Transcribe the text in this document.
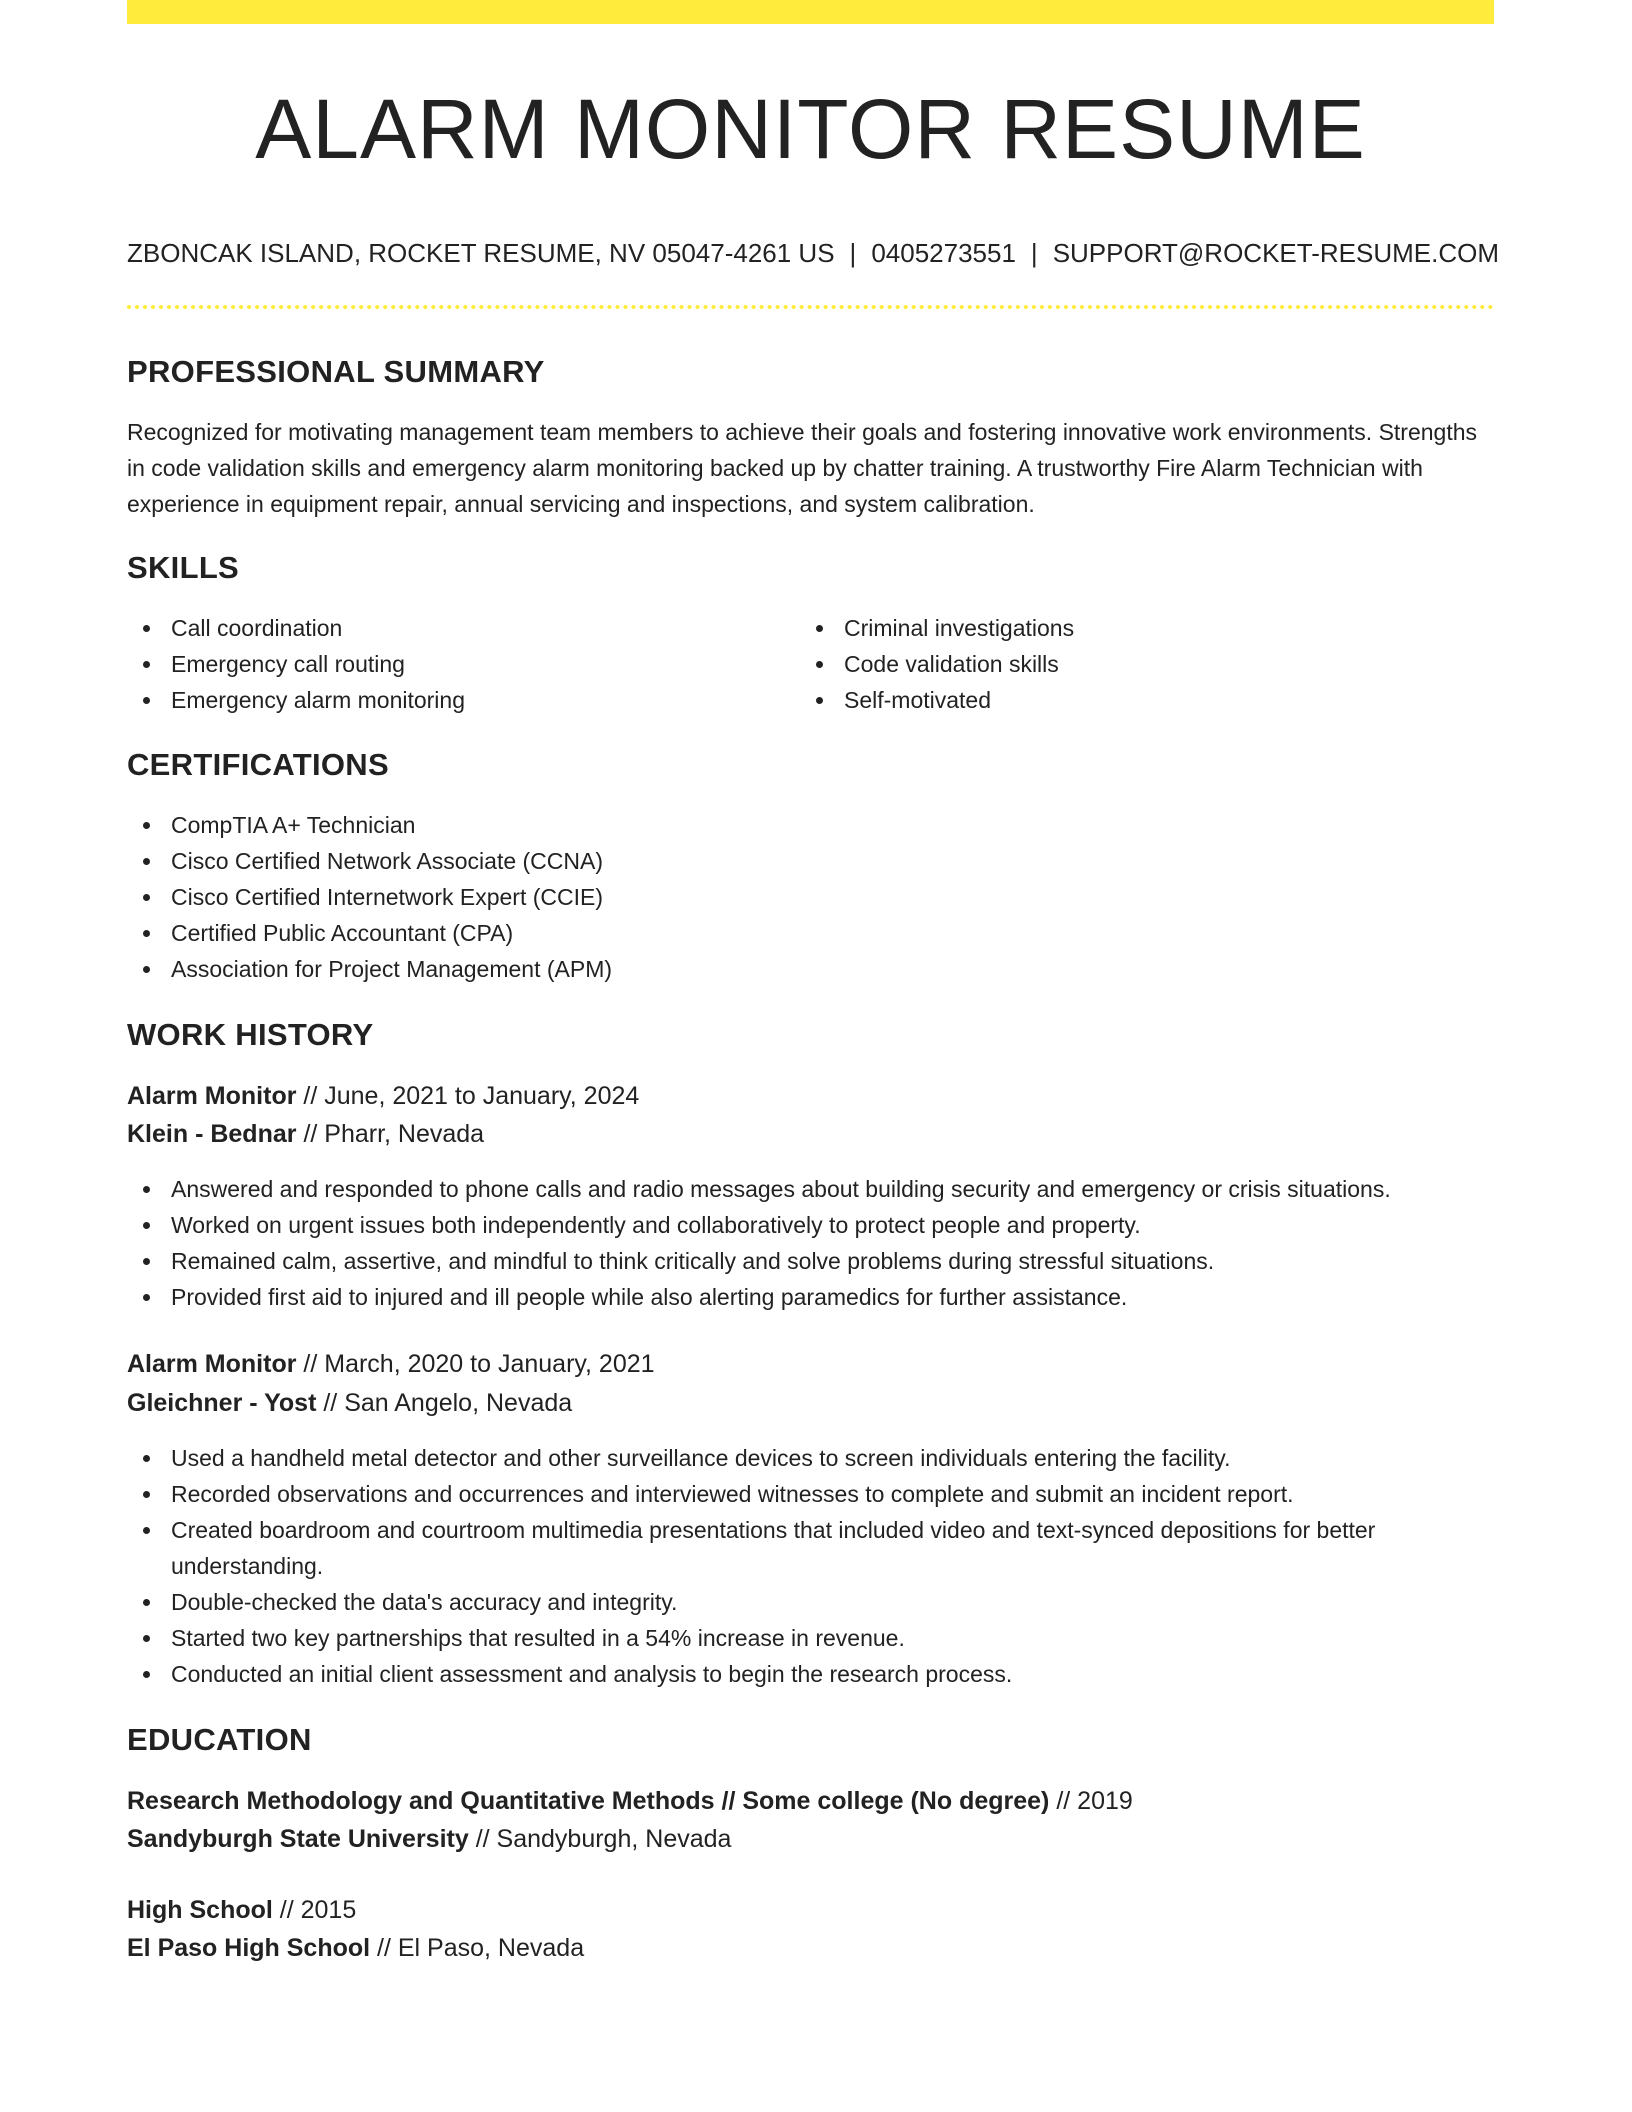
ALARM MONITOR RESUME
ZBONCAK ISLAND, ROCKET RESUME, NV 05047-4261 US | 0405273551 | SUPPORT@ROCKET-RESUME.COM
PROFESSIONAL SUMMARY

Recognized for motivating management team members to achieve their goals and fostering innovative work environments. Strengths in code validation skills and emergency alarm monitoring backed up by chatter training. A trustworthy Fire Alarm Technician with experience in equipment repair, annual servicing and inspections, and system calibration.

SKILLS
Call coordination
Emergency call routing
Emergency alarm monitoring
Criminal investigations
Code validation skills
Self-motivated
CERTIFICATIONS
CompTIA A+ Technician
Cisco Certified Network Associate (CCNA)
Cisco Certified Internetwork Expert (CCIE)
Certified Public Accountant (CPA)
Association for Project Management (APM)
WORK HISTORY
Alarm Monitor // June, 2021 to January, 2024
Klein - Bednar // Pharr, Nevada
Answered and responded to phone calls and radio messages about building security and emergency or crisis situations.
Worked on urgent issues both independently and collaboratively to protect people and property.
Remained calm, assertive, and mindful to think critically and solve problems during stressful situations.
Provided first aid to injured and ill people while also alerting paramedics for further assistance.
Alarm Monitor // March, 2020 to January, 2021
Gleichner - Yost // San Angelo, Nevada
Used a handheld metal detector and other surveillance devices to screen individuals entering the facility.
Recorded observations and occurrences and interviewed witnesses to complete and submit an incident report.
Created boardroom and courtroom multimedia presentations that included video and text-synced depositions for better understanding.
Double-checked the data's accuracy and integrity.
Started two key partnerships that resulted in a 54% increase in revenue.
Conducted an initial client assessment and analysis to begin the research process.
EDUCATION
Research Methodology and Quantitative Methods // Some college (No degree) // 2019
Sandyburgh State University // Sandyburgh, Nevada
High School // 2015
El Paso High School // El Paso, Nevada
